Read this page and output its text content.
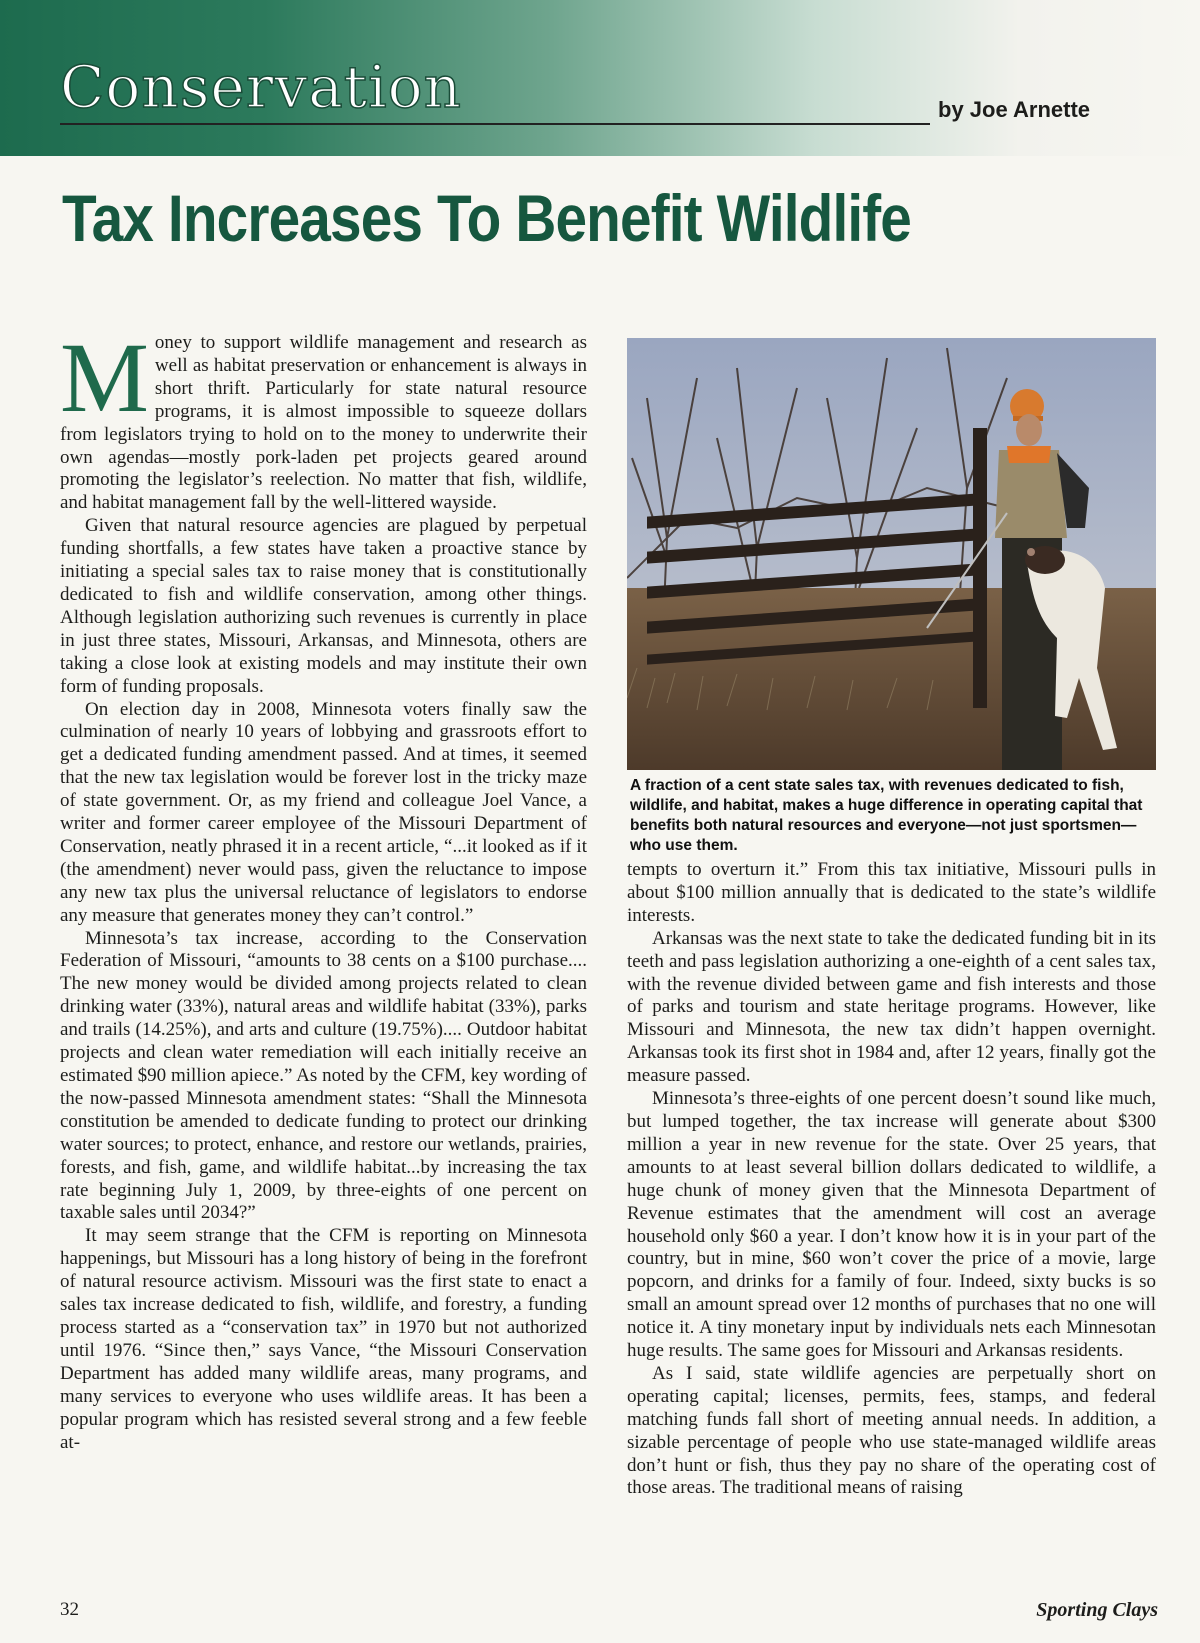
Conservation	by Joe Arnette
Tax Increases To Benefit Wildlife

Money to support wildlife management and research as well as habitat preservation or enhancement is always in short thrift. Particularly for state natural resource programs, it is almost impossible to squeeze dollars from legislators trying to hold on to the money to underwrite their own agendas—mostly pork-laden pet projects geared around promoting the legislator’s reelection. No matter that fish, wildlife, and habitat management fall by the well-littered wayside.

Given that natural resource agencies are plagued by perpetual funding shortfalls, a few states have taken a proactive stance by initiating a special sales tax to raise money that is constitutionally dedicated to fish and wildlife conservation, among other things. Although legislation authorizing such revenues is currently in place in just three states, Missouri, Arkansas, and Minnesota, others are taking a close look at existing models and may institute their own form of funding proposals.

On election day in 2008, Minnesota voters finally saw the culmination of nearly 10 years of lobbying and grassroots effort to get a dedicated funding amendment passed. And at times, it seemed that the new tax legislation would be forever lost in the tricky maze of state government. Or, as my friend and colleague Joel Vance, a writer and former career employee of the Missouri Department of Conservation, neatly phrased it in a recent article, “...it looked as if it (the amendment) never would pass, given the reluctance to impose any new tax plus the universal reluctance of legislators to endorse any measure that generates money they can’t control.”

Minnesota’s tax increase, according to the Conservation Federation of Missouri, “amounts to 38 cents on a $100 purchase.... The new money would be divided among projects related to clean drinking water (33%), natural areas and wildlife habitat (33%), parks and trails (14.25%), and arts and culture (19.75%).... Outdoor habitat projects and clean water remediation will each initially receive an estimated $90 million apiece.” As noted by the CFM, key wording of the now-passed Minnesota amendment states: “Shall the Minnesota constitution be amended to dedicate funding to protect our drinking water sources; to protect, enhance, and restore our wetlands, prairies, forests, and fish, game, and wildlife habitat...by increasing the tax rate beginning July 1, 2009, by three-eights of one percent on taxable sales until 2034?”

It may seem strange that the CFM is reporting on Minnesota happenings, but Missouri has a long history of being in the forefront of natural resource activism. Missouri was the first state to enact a sales tax increase dedicated to fish, wildlife, and forestry, a funding process started as a “conservation tax” in 1970 but not authorized until 1976. “Since then,” says Vance, “the Missouri Conservation Department has added many wildlife areas, many programs, and many services to everyone who uses wildlife areas. It has been a popular program which has resisted several strong and a few feeble at-

A fraction of a cent state sales tax, with revenues dedicated to fish, wildlife, and habitat, makes a huge difference in operating capital that benefits both natural resources and everyone—not just sportsmen—who use them.

tempts to overturn it.” From this tax initiative, Missouri pulls in about $100 million annually that is dedicated to the state’s wildlife interests.

Arkansas was the next state to take the dedicated funding bit in its teeth and pass legislation authorizing a one-eighth of a cent sales tax, with the revenue divided between game and fish interests and those of parks and tourism and state heritage programs. However, like Missouri and Minnesota, the new tax didn’t happen overnight. Arkansas took its first shot in 1984 and, after 12 years, finally got the measure passed.

Minnesota’s three-eights of one percent doesn’t sound like much, but lumped together, the tax increase will generate about $300 million a year in new revenue for the state. Over 25 years, that amounts to at least several billion dollars dedicated to wildlife, a huge chunk of money given that the Minnesota Department of Revenue estimates that the amendment will cost an average household only $60 a year. I don’t know how it is in your part of the country, but in mine, $60 won’t cover the price of a movie, large popcorn, and drinks for a family of four. Indeed, sixty bucks is so small an amount spread over 12 months of purchases that no one will notice it. A tiny monetary input by individuals nets each Minnesotan huge results. The same goes for Missouri and Arkansas residents.

As I said, state wildlife agencies are perpetually short on operating capital; licenses, permits, fees, stamps, and federal matching funds fall short of meeting annual needs. In addition, a sizable percentage of people who use state-managed wildlife areas don’t hunt or fish, thus they pay no share of the operating cost of those areas. The traditional means of raising

32	Sporting Clays
